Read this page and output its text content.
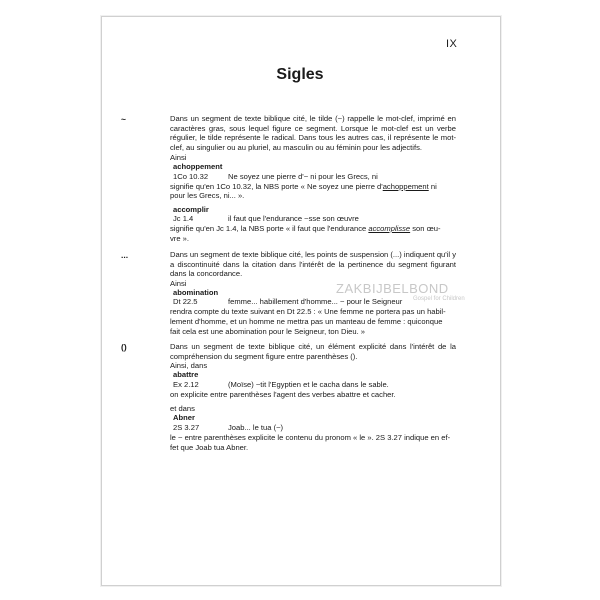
IX
Sigles
~	Dans un segment de texte biblique cité, le tilde (~) rappelle le mot-clef, imprimé en caractères gras, sous lequel figure ce segment. Lorsque le mot-clef est un verbe régulier, le tilde représente le radical. Dans tous les autres cas, il représente le mot-clef, au singulier ou au pluriel, au masculin ou au féminin pour les adjectifs.
Ainsi
achoppement
1Co 10.32	Ne soyez une pierre d'~ ni pour les Grecs, ni
signifie qu'en 1Co 10.32, la NBS porte « Ne soyez une pierre d'achoppement ni
pour les Grecs, ni... ».
accomplir
Jc 1.4	il faut que l'endurance ~sse son œuvre
signifie qu'en Jc 1.4, la NBS porte « il faut que l'endurance accomplisse son œu-
vre ».
...	Dans un segment de texte biblique cité, les points de suspension (...) indiquent qu'il y a discontinuité dans la citation dans l'intérêt de la pertinence du segment figurant dans la concordance.
Ainsi
abomination
Dt 22.5	femme... habillement d'homme... ~ pour le Seigneur
rendra compte du texte suivant en Dt 22.5 : « Une femme ne portera pas un habil-
lement d'homme, et un homme ne mettra pas un manteau de femme : quiconque
fait cela est une abomination pour le Seigneur, ton Dieu. »
()	Dans un segment de texte biblique cité, un élément explicité dans l'intérêt de la compréhension du segment figure entre parenthèses ().
Ainsi, dans
abattre
Ex 2.12	(Moïse) ~tit l'Egyptien et le cacha dans le sable.
on explicite entre parenthèses l'agent des verbes abattre et cacher.
et dans
Abner
2S 3.27	Joab... le tua (~)
le ~ entre parenthèses explicite le contenu du pronom « le ». 2S 3.27 indique en ef-
fet que Joab tua Abner.
ZAKBIJBELBOND
Gospel for Children
